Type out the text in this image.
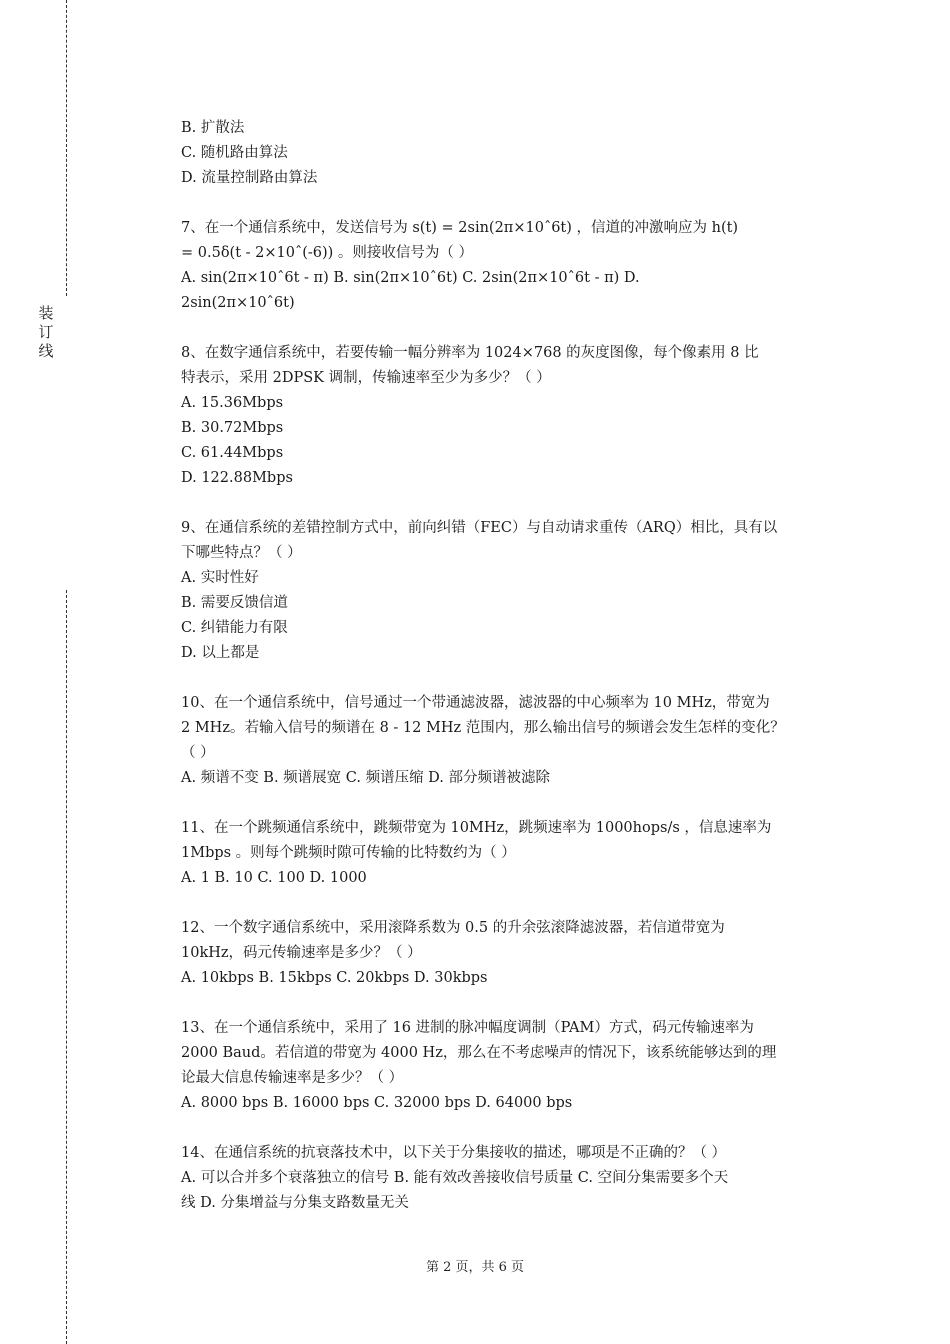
装
订
线
B. 扩散法
C. 随机路由算法
D. 流量控制路由算法
7、在一个通信系统中，发送信号为 s(t) = 2sin(2π×10ˆ6t) ，信道的冲激响应为 h(t)
= 0.5δ(t - 2×10ˆ(-6)) 。则接收信号为（ ）
A. sin(2π×10ˆ6t - π) B. sin(2π×10ˆ6t) C. 2sin(2π×10ˆ6t - π) D.
2sin(2π×10ˆ6t)
8、在数字通信系统中，若要传输一幅分辨率为 1024×768 的灰度图像，每个像素用 8 比
特表示，采用 2DPSK 调制，传输速率至少为多少？（ ）
A. 15.36Mbps
B. 30.72Mbps
C. 61.44Mbps
D. 122.88Mbps
9、在通信系统的差错控制方式中，前向纠错（FEC）与自动请求重传（ARQ）相比，具有以
下哪些特点？（ ）
A. 实时性好
B. 需要反馈信道
C. 纠错能力有限
D. 以上都是
10、在一个通信系统中，信号通过一个带通滤波器，滤波器的中心频率为 10 MHz，带宽为
2 MHz。若输入信号的频谱在 8 - 12 MHz 范围内，那么输出信号的频谱会发生怎样的变化？
（ ）
A. 频谱不变 B. 频谱展宽 C. 频谱压缩 D. 部分频谱被滤除
11、在一个跳频通信系统中，跳频带宽为 10MHz，跳频速率为 1000hops/s ，信息速率为
1Mbps 。则每个跳频时隙可传输的比特数约为（ ）
A. 1 B. 10 C. 100 D. 1000
12、一个数字通信系统中，采用滚降系数为 0.5 的升余弦滚降滤波器，若信道带宽为
10kHz，码元传输速率是多少？（ ）
A. 10kbps B. 15kbps C. 20kbps D. 30kbps
13、在一个通信系统中，采用了 16 进制的脉冲幅度调制（PAM）方式，码元传输速率为
2000 Baud。若信道的带宽为 4000 Hz，那么在不考虑噪声的情况下，该系统能够达到的理
论最大信息传输速率是多少？（ ）
A. 8000 bps B. 16000 bps C. 32000 bps D. 64000 bps
14、在通信系统的抗衰落技术中，以下关于分集接收的描述，哪项是不正确的？（ ）
A. 可以合并多个衰落独立的信号 B. 能有效改善接收信号质量 C. 空间分集需要多个天
线 D. 分集增益与分集支路数量无关
第 2 页，共 6 页
